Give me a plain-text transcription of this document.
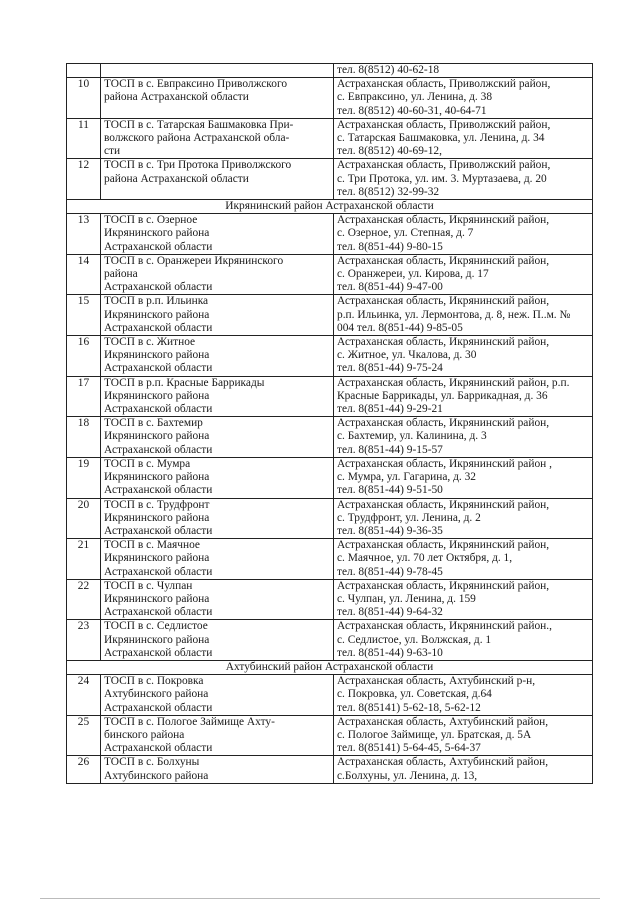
		тел. 8(8512) 40-62-18

10	ТОСП в с. Евпраксино Приволжского
района Астраханской области	Астраханская область, Приволжский район,
с. Евпраксино, ул. Ленина, д. 38
тел. 8(8512) 40-60-31, 40-64-71

11	ТОСП в с. Татарская Башмаковка При-
волжского района Астраханской обла-
сти	Астраханская область, Приволжский район,
с. Татарская Башмаковка, ул. Ленина, д. 34
тел. 8(8512) 40-69-12,

12	ТОСП в с. Три Протока Приволжского
района Астраханской области	Астраханская область, Приволжский район,
с. Три Протока, ул. им. 3. Муртазаева, д. 20
тел. 8(8512) 32-99-32

Икрянинский район Астраханской области		
13	ТОСП в с. Озерное
Икрянинского района
Астраханской области	Астраханская область, Икрянинский район,
с. Озерное, ул. Степная, д. 7
тел. 8(851-44) 9-80-15

14	ТОСП в с. Оранжереи Икрянинского
района
Астраханской области	Астраханская область, Икрянинский район,
с. Оранжереи, ул. Кирова, д. 17
тел. 8(851-44) 9-47-00

15	ТОСП в р.п. Ильинка
Икрянинского района
Астраханской области	Астраханская область, Икрянинский район,
р.п. Ильинка, ул. Лермонтова, д. 8, неж. П..м. №
004 тел. 8(851-44) 9-85-05

16	ТОСП в с. Житное
Икрянинского района
Астраханской области	Астраханская область, Икрянинский район,
с. Житное, ул. Чкалова, д. 30
тел. 8(851-44) 9-75-24

17	ТОСП в р.п. Красные Баррикады
Икрянинского района
Астраханской области	Астраханская область, Икрянинский район, р.п.
Красные Баррикады, ул. Баррикадная, д. 36
тел. 8(851-44) 9-29-21

18	ТОСП в с. Бахтемир
Икрянинского района
Астраханской области	Астраханская область, Икрянинский район,
с. Бахтемир, ул. Калинина, д. 3
тел. 8(851-44) 9-15-57

19	ТОСП в с. Мумра
Икрянинского района
Астраханской области	Астраханская область, Икрянинский район ,
с. Мумра, ул. Гагарина, д. 32
тел. 8(851-44) 9-51-50

20	ТОСП в с. Трудфронт
Икрянинского района
Астраханской области	Астраханская область, Икрянинский район,
с. Трудфронт, ул. Ленина, д. 2
тел. 8(851-44) 9-36-35

21	ТОСП в с. Маячное
Икрянинского района
Астраханской области	Астраханская область, Икрянинский район,
с. Маячное, ул. 70 лет Октября, д. 1,
тел. 8(851-44) 9-78-45

22	ТОСП в с. Чулпан
Икрянинского района
Астраханской области	Астраханская область, Икрянинский район,
с. Чулпан, ул. Ленина, д. 159
тел. 8(851-44) 9-64-32

23	ТОСП в с. Седлистое
Икрянинского района
Астраханской области	Астраханская область, Икрянинский район.,
с. Седлистое, ул. Волжская, д. 1
тел. 8(851-44) 9-63-10

Ахтубинский район Астраханской области		
24	ТОСП в с. Покровка
Ахтубинского района
Астраханской области	Астраханская область, Ахтубинский р-н,
с. Покровка, ул. Советская, д.64
тел. 8(85141) 5-62-18, 5-62-12

25	ТОСП в с. Пологое Займище Ахту-
бинского района
Астраханской области	Астраханская область, Ахтубинский район,
с. Пологое Займище, ул. Братская, д. 5А
тел. 8(85141) 5-64-45, 5-64-37

26	ТОСП в с. Болхуны
Ахтубинского района	Астраханская область, Ахтубинский район,
с.Болхуны, ул. Ленина, д. 13,
